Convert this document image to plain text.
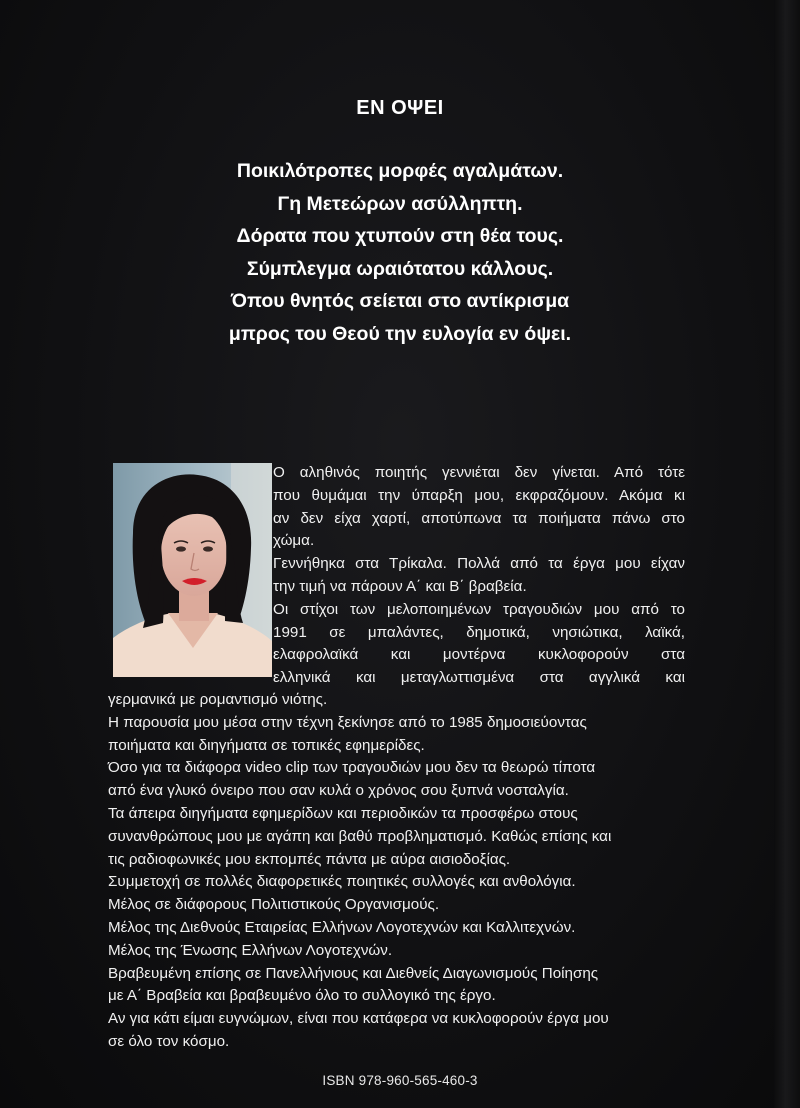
ΕΝ ΟΨΕΙ
Ποικιλότροπες μορφές αγαλμάτων.
Γη Μετεώρων ασύλληπτη.
Δόρατα που χτυπούν στη θέα τους.
Σύμπλεγμα ωραιότατου κάλλους.
Όπου θνητός σείεται στο αντίκρισμα
μπρος του Θεού την ευλογία εν όψει.
Ο αληθινός ποιητής γεννιέται δεν γίνεται. Από τότε
που θυμάμαι την ύπαρξη μου, εκφραζόμουν. Ακόμα κι
αν δεν είχα χαρτί, αποτύπωνα τα ποιήματα πάνω στο
χώμα.
Γεννήθηκα στα Τρίκαλα. Πολλά από τα έργα μου είχαν
την τιμή να πάρουν Α΄ και Β΄ βραβεία.
Οι στίχοι των μελοποιημένων τραγουδιών μου από το
1991 σε μπαλάντες, δημοτικά, νησιώτικα, λαϊκά,
ελαφρολαϊκά και μοντέρνα κυκλοφορούν στα
ελληνικά και μεταγλωττισμένα στα αγγλικά και
γερμανικά με ρομαντισμό νιότης.
Η παρουσία μου μέσα στην τέχνη ξεκίνησε από το 1985 δημοσιεύοντας
ποιήματα και διηγήματα σε τοπικές εφημερίδες.
Όσο για τα διάφορα video clip των τραγουδιών μου δεν τα θεωρώ τίποτα
από ένα γλυκό όνειρο που σαν κυλά ο χρόνος σου ξυπνά νοσταλγία.
Τα άπειρα διηγήματα εφημερίδων και περιοδικών τα προσφέρω στους
συνανθρώπους μου με αγάπη και βαθύ προβληματισμό. Καθώς επίσης και
τις ραδιοφωνικές μου εκπομπές πάντα με αύρα αισιοδοξίας.
Συμμετοχή σε πολλές διαφορετικές ποιητικές συλλογές και ανθολόγια.
Μέλος σε διάφορους Πολιτιστικούς Οργανισμούς.
Μέλος της Διεθνούς Εταιρείας Ελλήνων Λογοτεχνών και Καλλιτεχνών.
Μέλος της Ένωσης Ελλήνων Λογοτεχνών.
Βραβευμένη επίσης σε Πανελλήνιους και Διεθνείς Διαγωνισμούς Ποίησης
με Α΄ Βραβεία και βραβευμένο όλο το συλλογικό της έργο.
Αν για κάτι είμαι ευγνώμων, είναι που κατάφερα να κυκλοφορούν έργα μου
σε όλο τον κόσμο.
ISBN 978-960-565-460-3
